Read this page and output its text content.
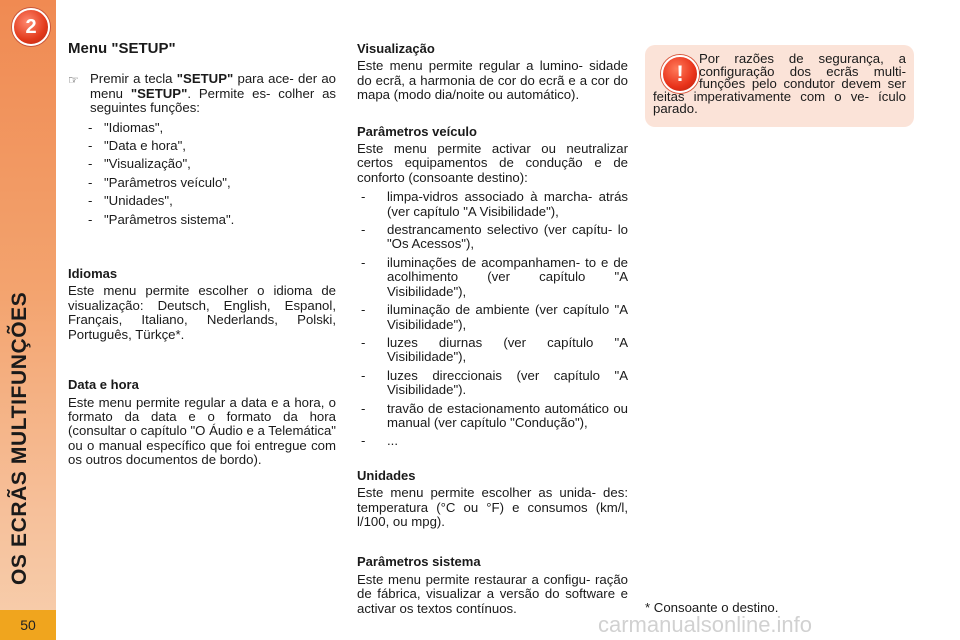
2
OS ECRÃS MULTIFUNÇÕES
50
Menu "SETUP"
☞ Premir a tecla "SETUP" para ace- der ao menu "SETUP". Permite es- colher as seguintes funções:
- "Idiomas",
- "Data e hora",
- "Visualização",
- "Parâmetros veículo",
- "Unidades",
- "Parâmetros sistema".
Idiomas

Este menu permite escolher o idioma de visualização: Deutsch, English, Espanol, Français, Italiano, Nederlands, Polski, Português, Türkçe*.

Data e hora

Este menu permite regular a data e a hora, o formato da data e o formato da hora (consultar o capítulo "O Áudio e a Telemática" ou o manual específico que foi entregue com os outros documentos de bordo).

Visualização

Este menu permite regular a lumino- sidade do ecrã, a harmonia de cor do ecrã e a cor do mapa (modo dia/noite ou automático).

Parâmetros veículo

Este menu permite activar ou neutralizar certos equipamentos de condução e de conforto (consoante destino):

-	limpa-vidros associado à marcha- atrás (ver capítulo "A Visibilidade"),
-	destrancamento selectivo (ver capítu- lo "Os Acessos"),
-	iluminações de acompanhamen- to e de acolhimento (ver capítulo "A Visibilidade"),
-	iluminação de ambiente (ver capítulo "A Visibilidade"),
-	luzes diurnas (ver capítulo "A Visibilidade"),
-	luzes direccionais (ver capítulo "A Visibilidade").
-	travão de estacionamento automático ou manual (ver capítulo "Condução"),
-	...
Unidades

Este menu permite escolher as unida- des: temperatura (°C ou °F) e consumos (km/l, l/100, ou mpg).

Parâmetros sistema

Este menu permite restaurar a configu- ração de fábrica, visualizar a versão do software e activar os textos contínuos.

!
Por razões de segurança, a configuração dos ecrãs multi- funções pelo condutor devem ser feitas imperativamente com o ve- ículo parado.
* Consoante o destino.
carmanualsonline.info
